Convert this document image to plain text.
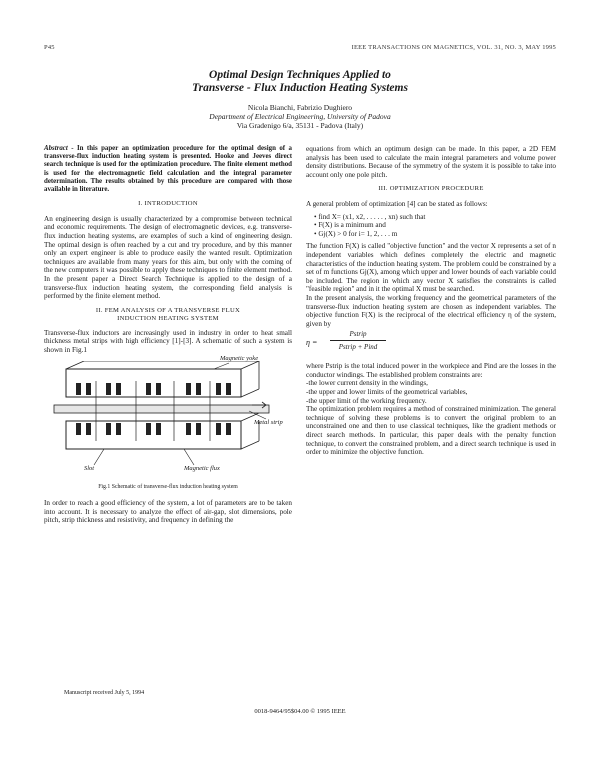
P45	IEEE TRANSACTIONS ON MAGNETICS, VOL. 31, NO. 3, MAY 1995
Optimal Design Techniques Applied to
Transverse - Flux Induction Heating Systems
Nicola Bianchi, Fabrizio Dughiero
Department of Electrical Engineering, University of Padova
Via Gradenigo 6/a, 35131 - Padova (Italy)

Abstract - In this paper an optimization procedure for the optimal design of a transverse-flux induction heating system is presented. Hooke and Jeeves direct search technique is used for the optimization procedure. The finite element method is used for the electromagnetic field calculation and the integral parameter determination. The results obtained by this procedure are compared with those available in literature.

I. INTRODUCTION

An engineering design is usually characterized by a compromise between technical and economic requirements. The design of electromagnetic devices, e.g. transverse-flux induction heating systems, are examples of such a kind of engineering design. The optimal design is often reached by a cut and try procedure, and by this manner only an expert engineer is able to produce easily the wanted result. Optimization techniques are available from many years for this aim, but only with the coming of the new computers it was possible to apply these techniques to finite element method. In the present paper a Direct Search Technique is applied to the design of a transverse-flux induction heating system, the corresponding field analysis is performed by the finite element method.

II. FEM ANALYSIS OF A TRANSVERSE FLUX
INDUCTION HEATING SYSTEM

Transverse-flux inductors are increasingly used in industry in order to heat small thickness metal strips with high efficiency [1]-[3]. A schematic of such a system is shown in Fig.1

Magnetic yoke
Metal strip
Slot	Magnetic flux
Fig.1 Schematic of transverse-flux induction heating system

In order to reach a good efficiency of the system, a lot of parameters are to be taken into account. It is necessary to analyze the effect of air-gap, slot dimensions, pole pitch, strip thickness and resistivity, and frequency in defining the

Manuscript received July 5, 1994

equations from which an optimum design can be made. In this paper, a 2D FEM analysis has been used to calculate the main integral parameters and volume power density distributions. Because of the symmetry of the system it is possible to take into account only one pole pitch.

III. OPTIMIZATION PROCEDURE

A general problem of optimization [4] can be stated as follows:

• find X= (x1, x2, . . . . . , xn) such that
• F(X) is a minimum and
• Gj(X) > 0 for i= 1, 2, . . . m

The function F(X) is called "objective function" and the vector X represents a set of n independent variables which defines completely the electric and magnetic characteristics of the induction heating system. The problem could be constrained by a set of m functions Gj(X), among which upper and lower bounds of each variable could be included. The region in which any vector X satisfies the constraints is called "feasible region" and in it the optimal X must be searched.

In the present analysis, the working frequency and the geometrical parameters of the transverse-flux induction heating system are chosen as independent variables. The objective function F(X) is the reciprocal of the electrical efficiency η of the system, given by

η =
Pstrip
Pstrip + Pind

where Pstrip is the total induced power in the workpiece and Pind are the losses in the conductor windings. The established problem constraints are:

-the lower current density in the windings,
-the upper and lower limits of the geometrical variables,
-the upper limit of the working frequency.

The optimization problem requires a method of constrained minimization. The general technique of solving these problems is to convert the original problem to an unconstrained one and then to use classical techniques, like the gradient methods or direct search methods. In particular, this paper deals with the penalty function technique, to convert the constrained problem, and a direct search technique is used in order to minimize the objective function.

0018-9464/95$04.00 © 1995 IEEE
